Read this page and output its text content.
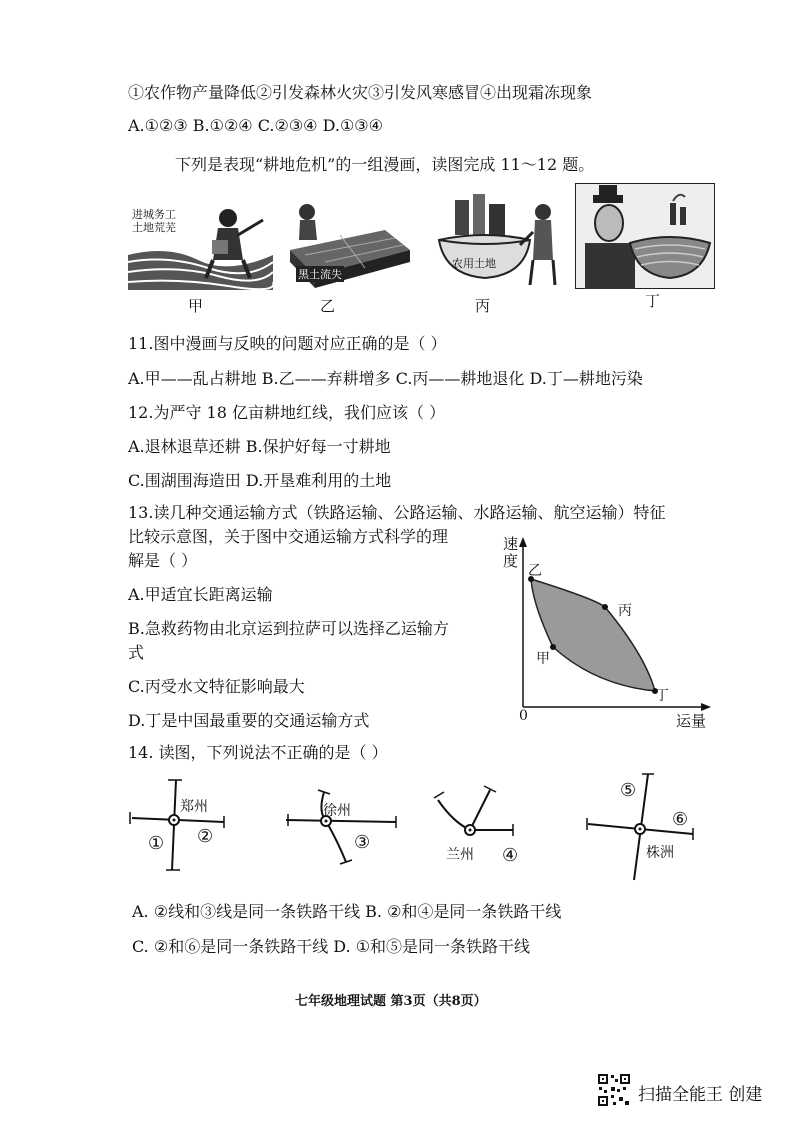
①农作物产量降低②引发森林火灾③引发风寒感冒④出现霜冻现象
A.①②③ B.①②④ C.②③④ D.①③④
下列是表现“耕地危机”的一组漫画，读图完成 11～12 题。
进城务工
土地荒芜
黑土流失
农用土地
甲	乙	丙	丁
11.图中漫画与反映的问题对应正确的是（ ）
A.甲——乱占耕地 B.乙——弃耕增多 C.丙——耕地退化 D.丁—耕地污染
12.为严守 18 亿亩耕地红线，我们应该（ ）
A.退林退草还耕 B.保护好每一寸耕地
C.围湖围海造田 D.开垦难利用的土地
13.读几种交通运输方式（铁路运输、公路运输、水路运输、航空运输）特征
比较示意图，关于图中交通运输方式科学的理
解是（ ）
A.甲适宜长距离运输
B.急救药物由北京运到拉萨可以选择乙运输方
式
C.丙受水文特征影响最大
D.丁是中国最重要的交通运输方式
速度
运量
0
乙
丙
甲
丁
14. 读图，下列说法不正确的是（ ）
郑州	徐州
兰州	株洲
① ②	③
④
⑤
⑥
A. ②线和③线是同一条铁路干线 B. ②和④是同一条铁路干线
C. ②和⑥是同一条铁路干线 D. ①和⑤是同一条铁路干线
七年级地理试题 第3页（共8页）
扫描全能王 创建
